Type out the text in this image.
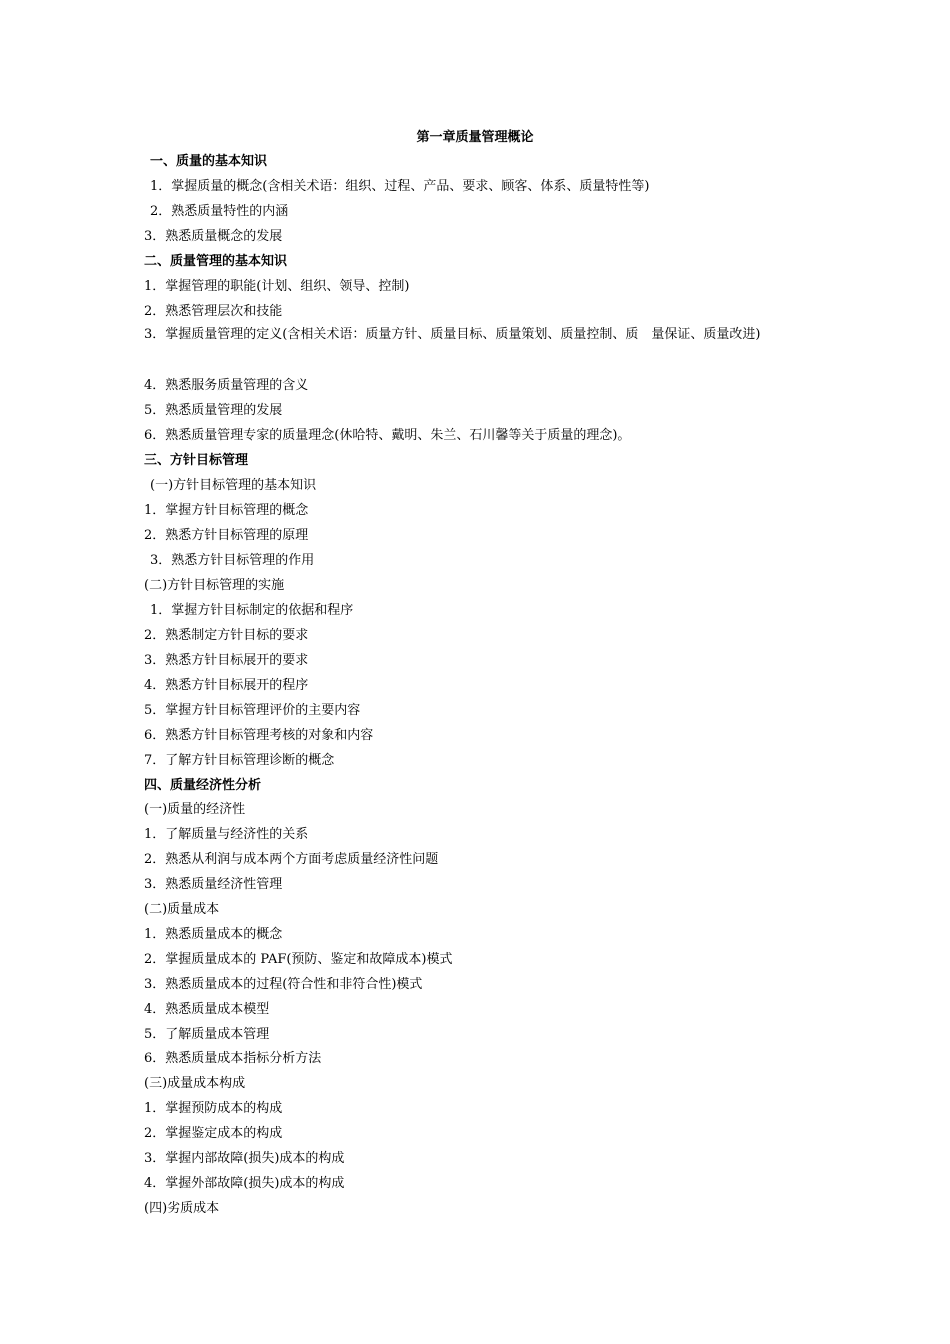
第一章质量管理概论
一、质量的基本知识
1．掌握质量的概念(含相关术语：组织、过程、产品、要求、顾客、体系、质量特性等)
2．熟悉质量特性的内涵
3．熟悉质量概念的发展
二、质量管理的基本知识
1．掌握管理的职能(计划、组织、领导、控制)
2．熟悉管理层次和技能
3．掌握质量管理的定义(含相关术语：质量方针、质量目标、质量策划、质量控制、质　量保证、质量改进)
4．熟悉服务质量管理的含义
5．熟悉质量管理的发展
6．熟悉质量管理专家的质量理念(休哈特、戴明、朱兰、石川馨等关于质量的理念)。
三、方针目标管理
(一)方针目标管理的基本知识
1．掌握方针目标管理的概念
2．熟悉方针目标管理的原理
3．熟悉方针目标管理的作用
(二)方针目标管理的实施
1．掌握方针目标制定的依据和程序
2．熟悉制定方针目标的要求
3．熟悉方针目标展开的要求
4．熟悉方针目标展开的程序
5．掌握方针目标管理评价的主要内容
6．熟悉方针目标管理考核的对象和内容
7．了解方针目标管理诊断的概念
四、质量经济性分析
(一)质量的经济性
1．了解质量与经济性的关系
2．熟悉从利润与成本两个方面考虑质量经济性问题
3．熟悉质量经济性管理
(二)质量成本
1．熟悉质量成本的概念
2．掌握质量成本的 PAF(预防、鉴定和故障成本)模式
3．熟悉质量成本的过程(符合性和非符合性)模式
4．熟悉质量成本模型
5．了解质量成本管理
6．熟悉质量成本指标分析方法
(三)成量成本构成
1．掌握预防成本的构成
2．掌握鉴定成本的构成
3．掌握内部故障(损失)成本的构成
4．掌握外部故障(损失)成本的构成
(四)劣质成本
